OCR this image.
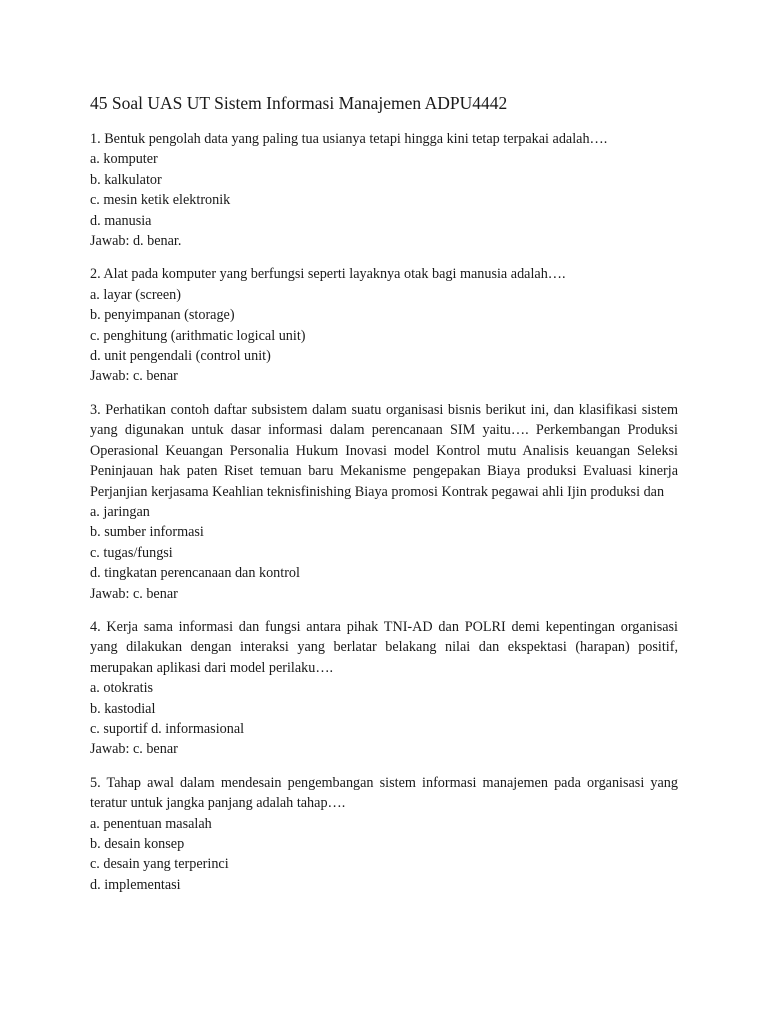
45 Soal UAS UT Sistem Informasi Manajemen ADPU4442
1. Bentuk pengolah data yang paling tua usianya tetapi hingga kini tetap terpakai adalah….
a. komputer
b. kalkulator
c. mesin ketik elektronik
d. manusia
Jawab: d. benar.
2. Alat pada komputer yang berfungsi seperti layaknya otak bagi manusia adalah….
a. layar (screen)
b. penyimpanan (storage)
c. penghitung (arithmatic logical unit)
d. unit pengendali (control unit)
Jawab: c. benar
3. Perhatikan contoh daftar subsistem dalam suatu organisasi bisnis berikut ini, dan klasifikasi sistem yang digunakan untuk dasar informasi dalam perencanaan SIM yaitu…. Perkembangan Produksi Operasional Keuangan Personalia Hukum Inovasi model Kontrol mutu Analisis keuangan Seleksi Peninjauan hak paten Riset temuan baru Mekanisme pengepakan Biaya produksi Evaluasi kinerja Perjanjian kerjasama Keahlian teknisfinishing Biaya promosi Kontrak pegawai ahli Ijin produksi dan
a. jaringan
b. sumber informasi
c. tugas/fungsi
d. tingkatan perencanaan dan kontrol
Jawab: c. benar
4. Kerja sama informasi dan fungsi antara pihak TNI-AD dan POLRI demi kepentingan organisasi yang dilakukan dengan interaksi yang berlatar belakang nilai dan ekspektasi (harapan) positif, merupakan aplikasi dari model perilaku….
a. otokratis
b. kastodial
c. suportif d. informasional
Jawab: c. benar
5. Tahap awal dalam mendesain pengembangan sistem informasi manajemen pada organisasi yang teratur untuk jangka panjang adalah tahap….
a. penentuan masalah
b. desain konsep
c. desain yang terperinci
d. implementasi
